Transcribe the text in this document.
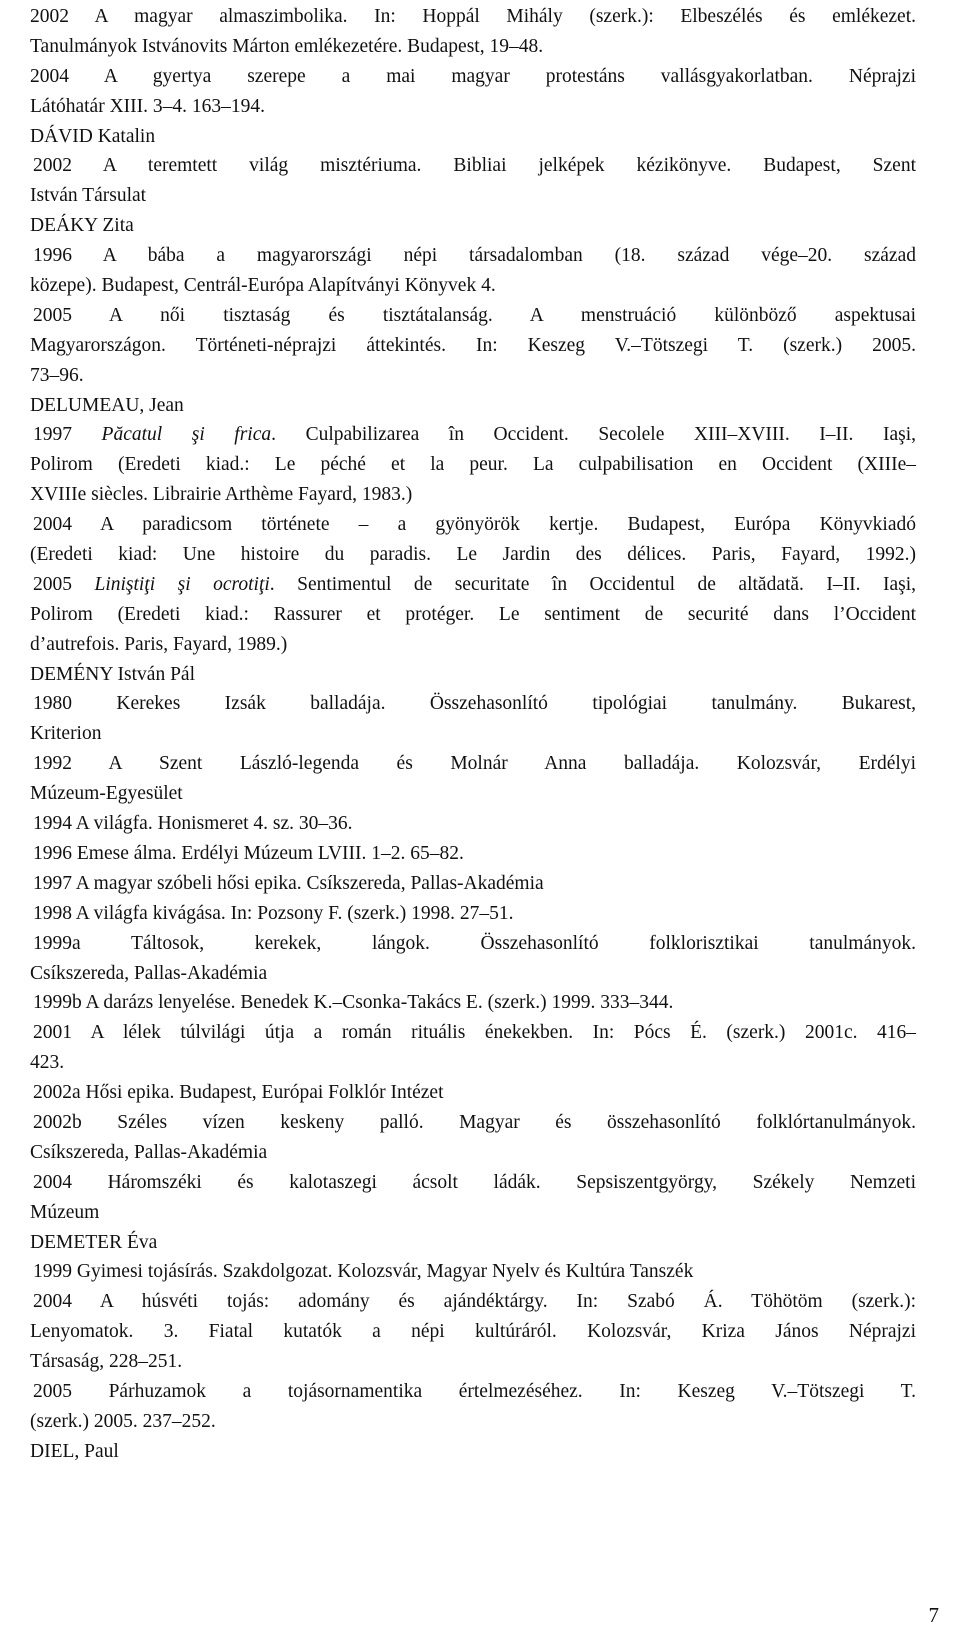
2002 A magyar almaszimbolika. In: Hoppál Mihály (szerk.): Elbeszélés és emlékezet.
Tanulmányok Istvánovits Márton emlékezetére. Budapest, 19–48.
2004 A gyertya szerepe a mai magyar protestáns vallásgyakorlatban. Néprajzi
Látóhatár XIII. 3–4. 163–194.
DÁVID Katalin
2002 A teremtett világ misztériuma. Bibliai jelképek kézikönyve. Budapest, Szent
István Társulat
DEÁKY Zita
1996 A bába a magyarországi népi társadalomban (18. század vége–20. század
közepe). Budapest, Centrál-Európa Alapítványi Könyvek 4.
2005 A női tisztaság és tisztátalanság. A menstruáció különböző aspektusai
Magyarországon. Történeti-néprajzi áttekintés. In: Keszeg V.–Tötszegi T. (szerk.) 2005.
73–96.
DELUMEAU, Jean
1997 Păcatul şi frica. Culpabilizarea în Occident. Secolele XIII–XVIII. I–II. Iaşi,
Polirom (Eredeti kiad.: Le péché et la peur. La culpabilisation en Occident (XIIIe–
XVIIIe siècles. Librairie Arthème Fayard, 1983.)
2004 A paradicsom története – a gyönyörök kertje. Budapest, Európa Könyvkiadó
(Eredeti kiad: Une histoire du paradis. Le Jardin des délices. Paris, Fayard, 1992.)
2005 Liniştiţi şi ocrotiţi. Sentimentul de securitate în Occidentul de altădată. I–II. Iaşi,
Polirom (Eredeti kiad.: Rassurer et protéger. Le sentiment de securité dans l’Occident
d’autrefois. Paris, Fayard, 1989.)
DEMÉNY István Pál
1980 Kerekes Izsák balladája. Összehasonlító tipológiai tanulmány. Bukarest,
Kriterion
1992 A Szent László-legenda és Molnár Anna balladája. Kolozsvár, Erdélyi
Múzeum-Egyesület
1994 A világfa. Honismeret 4. sz. 30–36.
1996 Emese álma. Erdélyi Múzeum LVIII. 1–2. 65–82.
1997 A magyar szóbeli hősi epika. Csíkszereda, Pallas-Akadémia
1998 A világfa kivágása. In: Pozsony F. (szerk.) 1998. 27–51.
1999a Táltosok, kerekek, lángok. Összehasonlító folklorisztikai tanulmányok.
Csíkszereda, Pallas-Akadémia
1999b A darázs lenyelése. Benedek K.–Csonka-Takács E. (szerk.) 1999. 333–344.
2001 A lélek túlvilági útja a román rituális énekekben. In: Pócs É. (szerk.) 2001c. 416–
423.
2002a Hősi epika. Budapest, Európai Folklór Intézet
2002b Széles vízen keskeny palló. Magyar és összehasonlító folklórtanulmányok.
Csíkszereda, Pallas-Akadémia
2004 Háromszéki és kalotaszegi ácsolt ládák. Sepsiszentgyörgy, Székely Nemzeti
Múzeum
DEMETER Éva
1999 Gyimesi tojásírás. Szakdolgozat. Kolozsvár, Magyar Nyelv és Kultúra Tanszék
2004 A húsvéti tojás: adomány és ajándéktárgy. In: Szabó Á. Töhötöm (szerk.):
Lenyomatok. 3. Fiatal kutatók a népi kultúráról. Kolozsvár, Kriza János Néprajzi
Társaság, 228–251.
2005 Párhuzamok a tojásornamentika értelmezéséhez. In: Keszeg V.–Tötszegi T.
(szerk.) 2005. 237–252.
DIEL, Paul
7
